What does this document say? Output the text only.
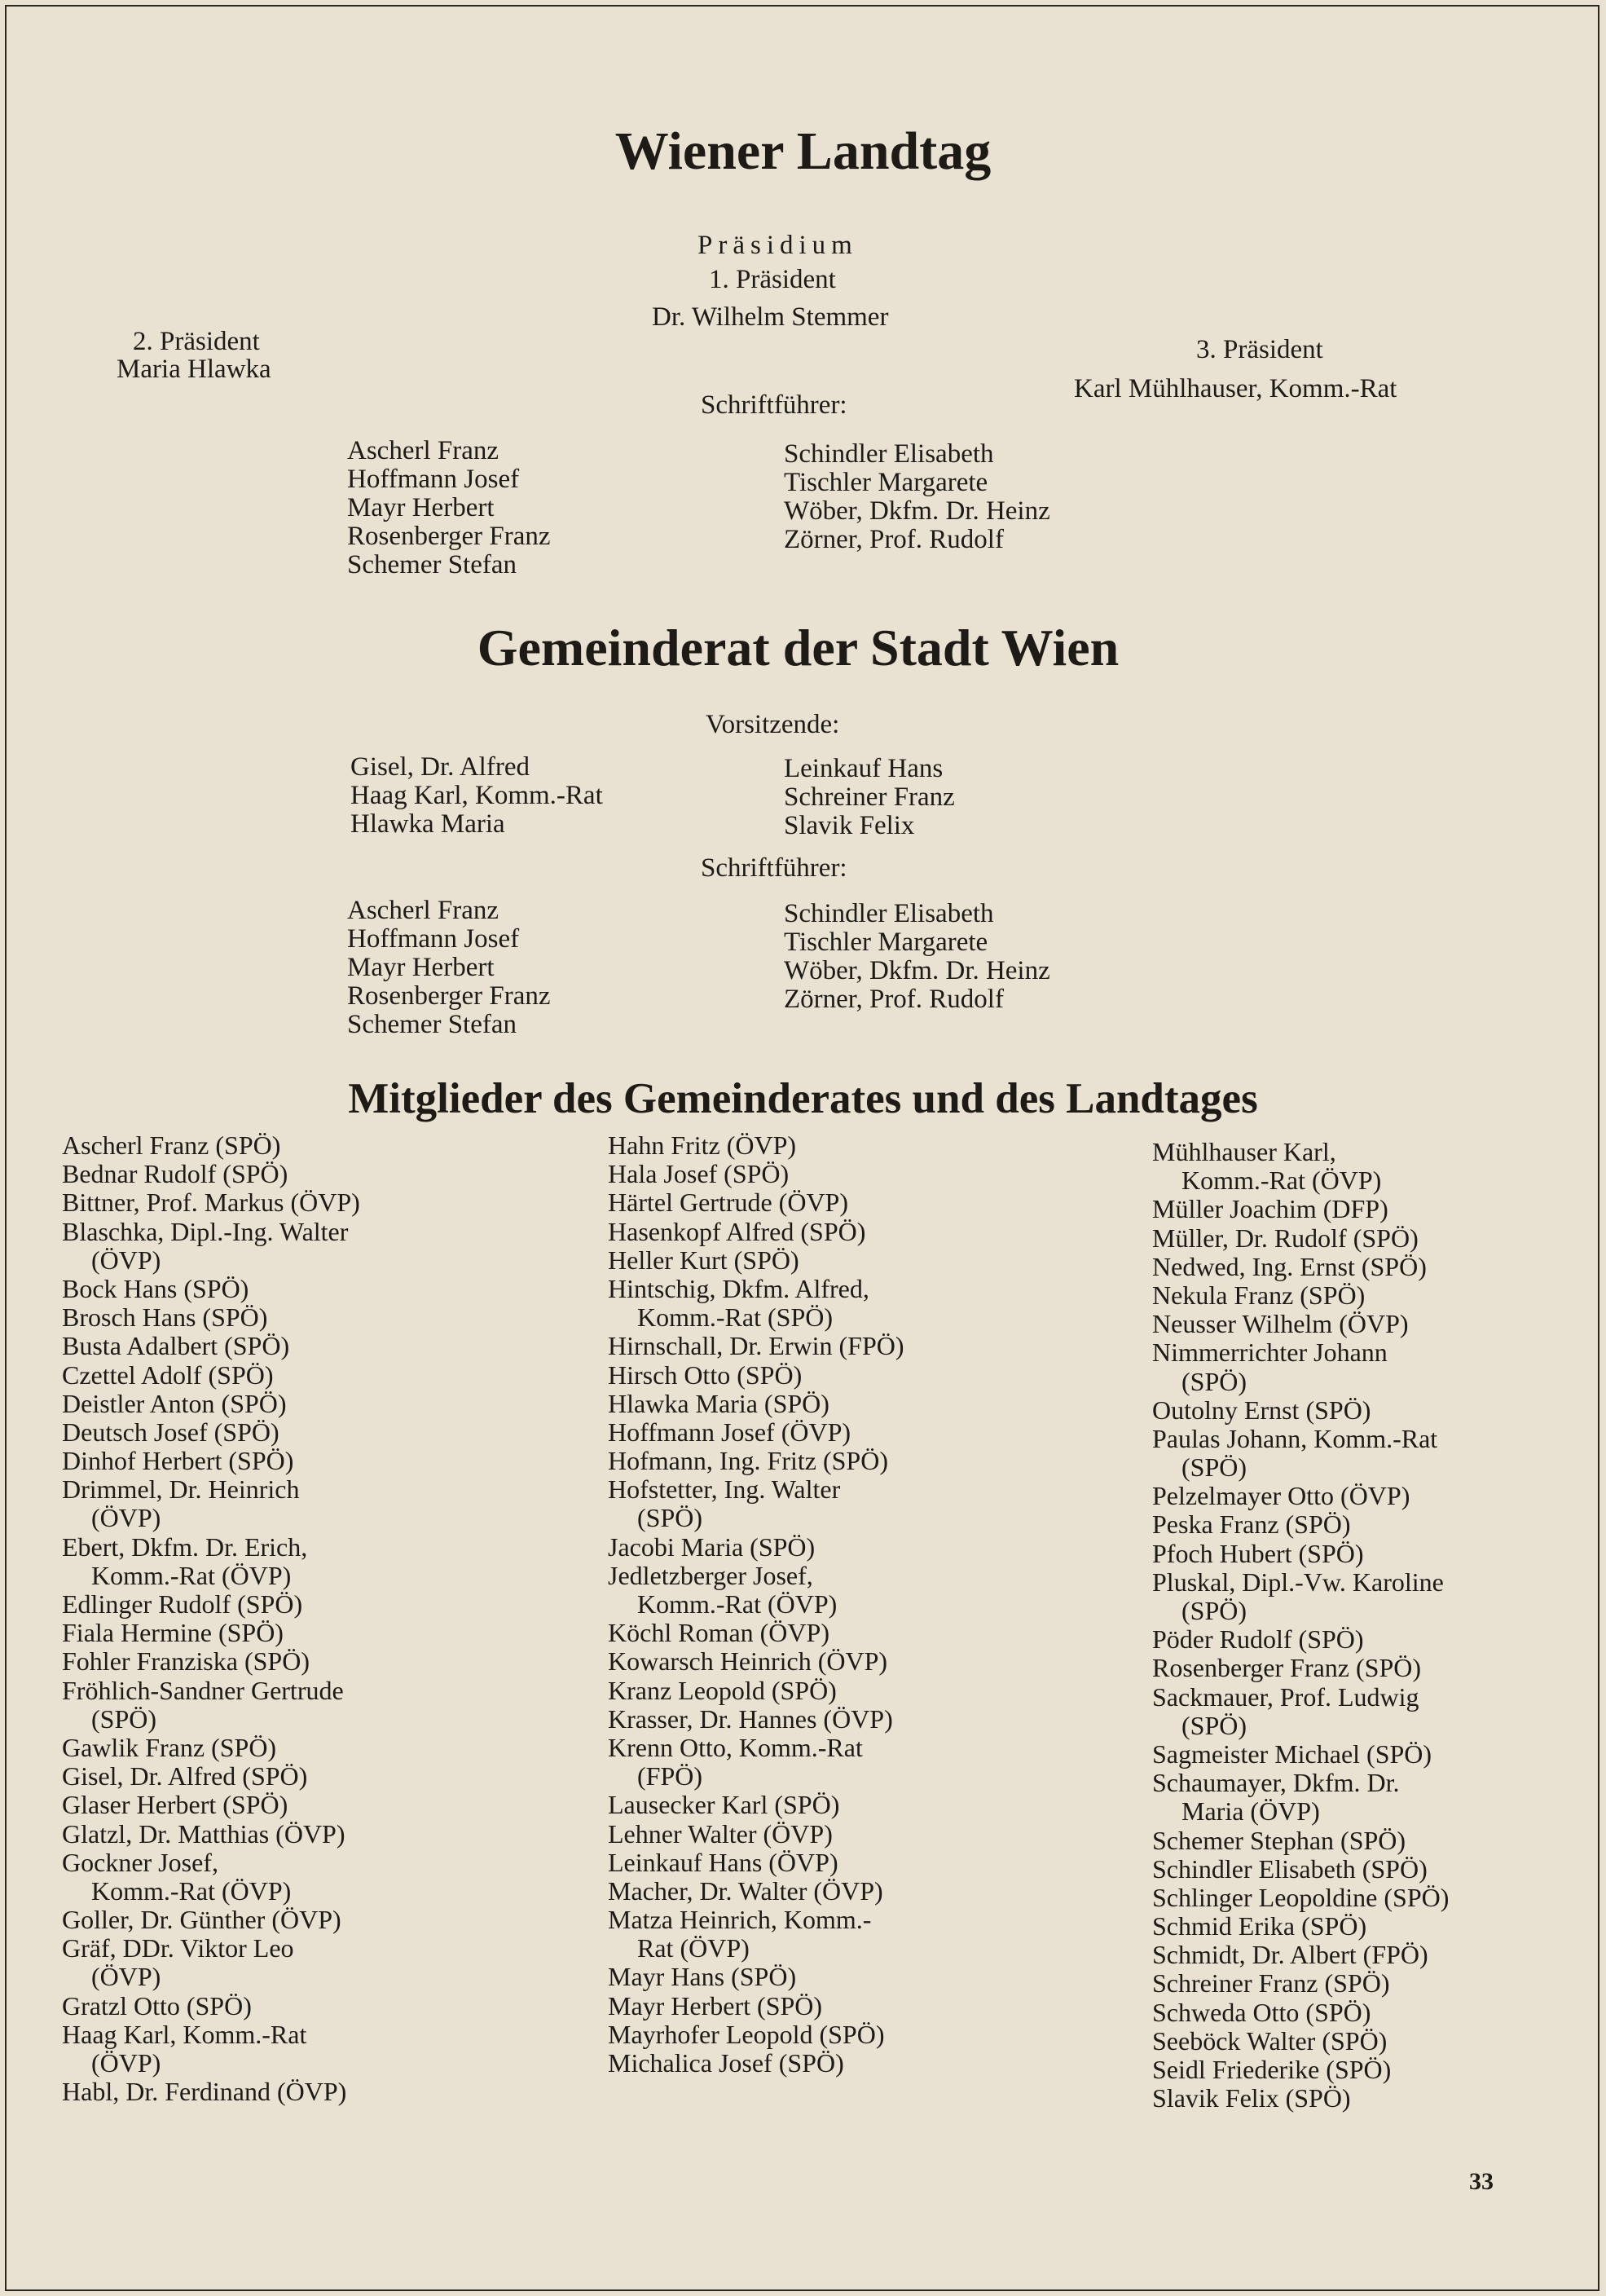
Wiener Landtag
Präsidium
1. Präsident
Dr. Wilhelm Stemmer
2. Präsident
Maria Hlawka
3. Präsident
Karl Mühlhauser, Komm.-Rat
Schriftführer:
Ascherl Franz
Hoffmann Josef
Mayr Herbert
Rosenberger Franz
Schemer Stefan
Schindler Elisabeth
Tischler Margarete
Wöber, Dkfm. Dr. Heinz
Zörner, Prof. Rudolf
Gemeinderat der Stadt Wien
Vorsitzende:
Gisel, Dr. Alfred
Haag Karl, Komm.-Rat
Hlawka Maria
Leinkauf Hans
Schreiner Franz
Slavik Felix
Schriftführer:
Ascherl Franz
Hoffmann Josef
Mayr Herbert
Rosenberger Franz
Schemer Stefan
Schindler Elisabeth
Tischler Margarete
Wöber, Dkfm. Dr. Heinz
Zörner, Prof. Rudolf
Mitglieder des Gemeinderates und des Landtages
Ascherl Franz (SPÖ)
Bednar Rudolf (SPÖ)
Bittner, Prof. Markus (ÖVP)
Blaschka, Dipl.-Ing. Walter
(ÖVP)
Bock Hans (SPÖ)
Brosch Hans (SPÖ)
Busta Adalbert (SPÖ)
Czettel Adolf (SPÖ)
Deistler Anton (SPÖ)
Deutsch Josef (SPÖ)
Dinhof Herbert (SPÖ)
Drimmel, Dr. Heinrich
(ÖVP)
Ebert, Dkfm. Dr. Erich,
Komm.-Rat (ÖVP)
Edlinger Rudolf (SPÖ)
Fiala Hermine (SPÖ)
Fohler Franziska (SPÖ)
Fröhlich-Sandner Gertrude
(SPÖ)
Gawlik Franz (SPÖ)
Gisel, Dr. Alfred (SPÖ)
Glaser Herbert (SPÖ)
Glatzl, Dr. Matthias (ÖVP)
Gockner Josef,
Komm.-Rat (ÖVP)
Goller, Dr. Günther (ÖVP)
Gräf, DDr. Viktor Leo
(ÖVP)
Gratzl Otto (SPÖ)
Haag Karl, Komm.-Rat
(ÖVP)
Habl, Dr. Ferdinand (ÖVP)
Hahn Fritz (ÖVP)
Hala Josef (SPÖ)
Härtel Gertrude (ÖVP)
Hasenkopf Alfred (SPÖ)
Heller Kurt (SPÖ)
Hintschig, Dkfm. Alfred,
Komm.-Rat (SPÖ)
Hirnschall, Dr. Erwin (FPÖ)
Hirsch Otto (SPÖ)
Hlawka Maria (SPÖ)
Hoffmann Josef (ÖVP)
Hofmann, Ing. Fritz (SPÖ)
Hofstetter, Ing. Walter
(SPÖ)
Jacobi Maria (SPÖ)
Jedletzberger Josef,
Komm.-Rat (ÖVP)
Köchl Roman (ÖVP)
Kowarsch Heinrich (ÖVP)
Kranz Leopold (SPÖ)
Krasser, Dr. Hannes (ÖVP)
Krenn Otto, Komm.-Rat
(FPÖ)
Lausecker Karl (SPÖ)
Lehner Walter (ÖVP)
Leinkauf Hans (ÖVP)
Macher, Dr. Walter (ÖVP)
Matza Heinrich, Komm.-
Rat (ÖVP)
Mayr Hans (SPÖ)
Mayr Herbert (SPÖ)
Mayrhofer Leopold (SPÖ)
Michalica Josef (SPÖ)
Mühlhauser Karl,
Komm.-Rat (ÖVP)
Müller Joachim (DFP)
Müller, Dr. Rudolf (SPÖ)
Nedwed, Ing. Ernst (SPÖ)
Nekula Franz (SPÖ)
Neusser Wilhelm (ÖVP)
Nimmerrichter Johann
(SPÖ)
Outolny Ernst (SPÖ)
Paulas Johann, Komm.-Rat
(SPÖ)
Pelzelmayer Otto (ÖVP)
Peska Franz (SPÖ)
Pfoch Hubert (SPÖ)
Pluskal, Dipl.-Vw. Karoline
(SPÖ)
Pöder Rudolf (SPÖ)
Rosenberger Franz (SPÖ)
Sackmauer, Prof. Ludwig
(SPÖ)
Sagmeister Michael (SPÖ)
Schaumayer, Dkfm. Dr.
Maria (ÖVP)
Schemer Stephan (SPÖ)
Schindler Elisabeth (SPÖ)
Schlinger Leopoldine (SPÖ)
Schmid Erika (SPÖ)
Schmidt, Dr. Albert (FPÖ)
Schreiner Franz (SPÖ)
Schweda Otto (SPÖ)
Seeböck Walter (SPÖ)
Seidl Friederike (SPÖ)
Slavik Felix (SPÖ)
33
